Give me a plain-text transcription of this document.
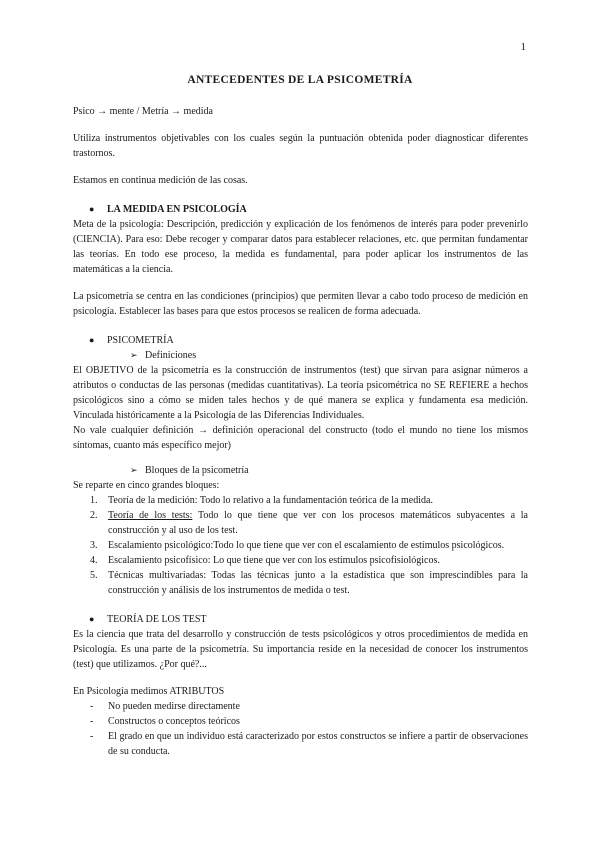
1
ANTECEDENTES DE LA PSICOMETRÍA

Psico → mente / Metría → medida

Utiliza instrumentos objetivables con los cuales según la puntuación obtenida poder diagnosticar diferentes trastornos.

Estamos en continua medición de las cosas.

● LA MEDIDA EN PSICOLOGÍA

Meta de la psicología: Descripción, predicción y explicación de los fenómenos de interés para poder prevenirlo (CIENCIA). Para eso: Debe recoger y comparar datos para establecer relaciones, etc. que permitan fundamentar las teorías. En todo ese proceso, la medida es fundamental, para poder aplicar los instrumentos de las matemáticas a la ciencia.

La psicometría se centra en las condiciones (principios) que permiten llevar a cabo todo proceso de medición en psicología. Establecer las bases para que estos procesos se realicen de forma adecuada.

● PSICOMETRÍA
➢ Definiciones

El OBJETIVO de la psicometría es la construcción de instrumentos (test) que sirvan para asignar números a atributos o conductas de las personas (medidas cuantitativas). La teoría psicométrica no SE REFIERE a hechos psicológicos sino a cómo se miden tales hechos y de qué manera se explica y fundamenta esa medición. Vinculada históricamente a la Psicología de las Diferencias Individuales.

No vale cualquier definición → definición operacional del constructo (todo el mundo no tiene los mismos síntomas, cuanto más específico mejor)

➢ Bloques de la psicometría

Se reparte en cinco grandes bloques:

1. Teoría de la medición: Todo lo relativo a la fundamentación teórica de la medida.
2. Teoría de los tests: Todo lo que tiene que ver con los procesos matemáticos subyacentes a la construcción y al uso de los test.
3. Escalamiento psicológico:Todo lo que tiene que ver con el escalamiento de estímulos psicológicos.
4. Escalamiento psicofísico: Lo que tiene que ver con los estímulos psicofisiológicos.
5. Técnicas multivariadas: Todas las técnicas junto a la estadística que son imprescindibles para la construcción y análisis de los instrumentos de medida o test.
● TEORÍA DE LOS TEST

Es la ciencia que trata del desarrollo y construcción de tests psicológicos y otros procedimientos de medida en Psicología. Es una parte de la psicometría. Su importancia reside en la necesidad de conocer los instrumentos (test) que utilizamos. ¿Por qué?...

En Psicología medimos ATRIBUTOS

- No pueden medirse directamente
- Constructos o conceptos teóricos
- El grado en que un individuo está caracterizado por estos constructos se infiere a partir de observaciones de su conducta.
